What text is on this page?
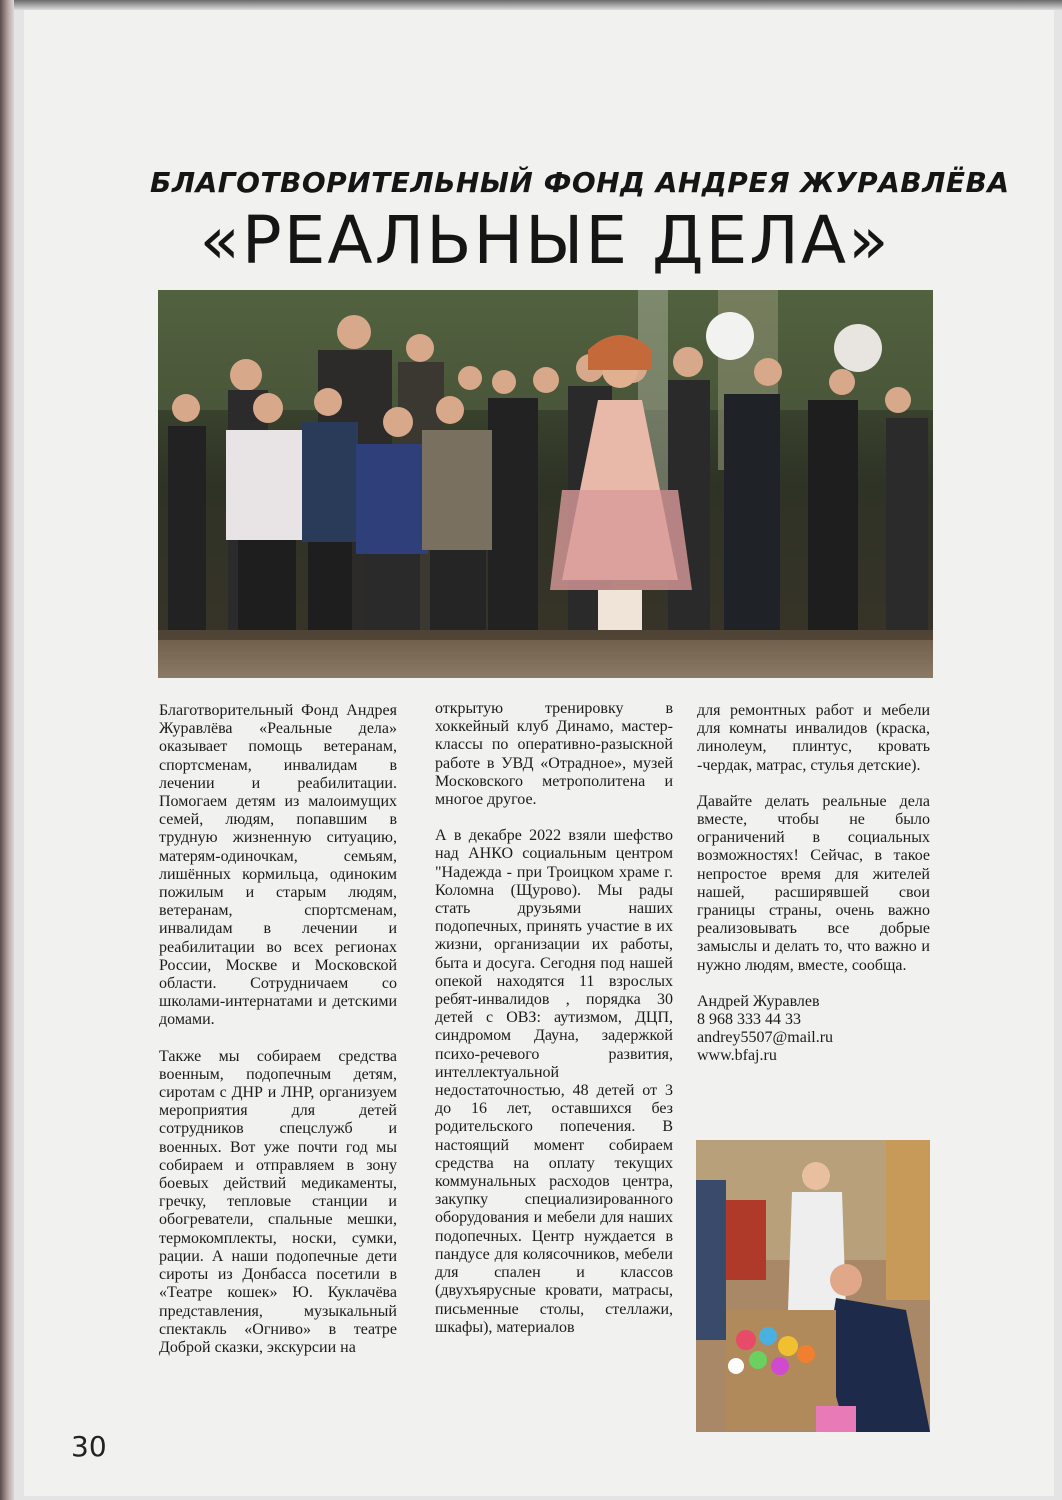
БЛАГОТВОРИТЕЛЬНЫЙ ФОНД АНДРЕЯ ЖУРАВЛЁВА
«РЕАЛЬНЫЕ ДЕЛА»

Благотворительный Фонд Андрея Журавлёва «Реальные дела» оказывает помощь ветеранам, спортсменам, инвалидам в лечении и реабилитации. Помогаем детям из малоимущих семей, людям, попавшим в трудную жизненную ситуацию, матерям-одиночкам, семьям, лишённых кормильца, одиноким пожилым и старым людям, ветеранам, спортсменам, инвалидам в лечении и реабилитации во всех регионах России, Москве и Московской области. Сотрудничаем со школами-интернатами и детскими домами.

Также мы собираем средства военным, подопечным детям, сиротам с ДНР и ЛНР, организуем мероприятия для детей сотрудников спецслужб и военных. Вот уже почти год мы собираем и отправляем в зону боевых действий медикаменты, гречку, тепловые станции и обогреватели, спальные мешки, термокомплекты, носки, сумки, рации. А наши подопечные дети сироты из Донбасса посетили в «Театре кошек» Ю. Куклачёва представления, музыкальный спектакль «Огниво» в театре Доброй сказки, экскурсии на

открытую тренировку в хоккейный клуб Динамо, мастер-классы по оперативно-разыскной работе в УВД «Отрадное», музей Московского метрополитена и многое другое.

А в декабре 2022 взяли шефство над АНКО социальным центром "Надежда - при Троицком храме г. Коломна (Щурово). Мы рады стать друзьями наших подопечных, принять участие в их жизни, организации их работы, быта и досуга. Сегодня под нашей опекой находятся 11 взрослых ребят-инвалидов , порядка 30 детей с ОВЗ: аутизмом, ДЦП, синдромом Дауна, задержкой психо-речевого развития, интеллектуальной недостаточностью, 48 детей от 3 до 16 лет, оставшихся без родительского попечения. В настоящий момент собираем средства на оплату текущих коммунальных расходов центра, закупку специализированного оборудования и мебели для наших подопечных. Центр нуждается в пандусе для колясочников, мебели для спален и классов (двухъярусные кровати, матрасы, письменные столы, стеллажи, шкафы), материалов

для ремонтных работ и мебели для комнаты инвалидов (краска, линолеум, плинтус, кровать -чердак, матрас, стулья детские).

Давайте делать реальные дела вместе, чтобы не было ограничений в социальных возможностях! Сейчас, в такое непростое время для жителей нашей, расширявшей свои границы страны, очень важно реализовывать все добрые замыслы и делать то, что важно и нужно людям, вместе, сообща.

Андрей Журавлев
8 968 333 44 33
andrey5507@mail.ru
www.bfaj.ru
30
